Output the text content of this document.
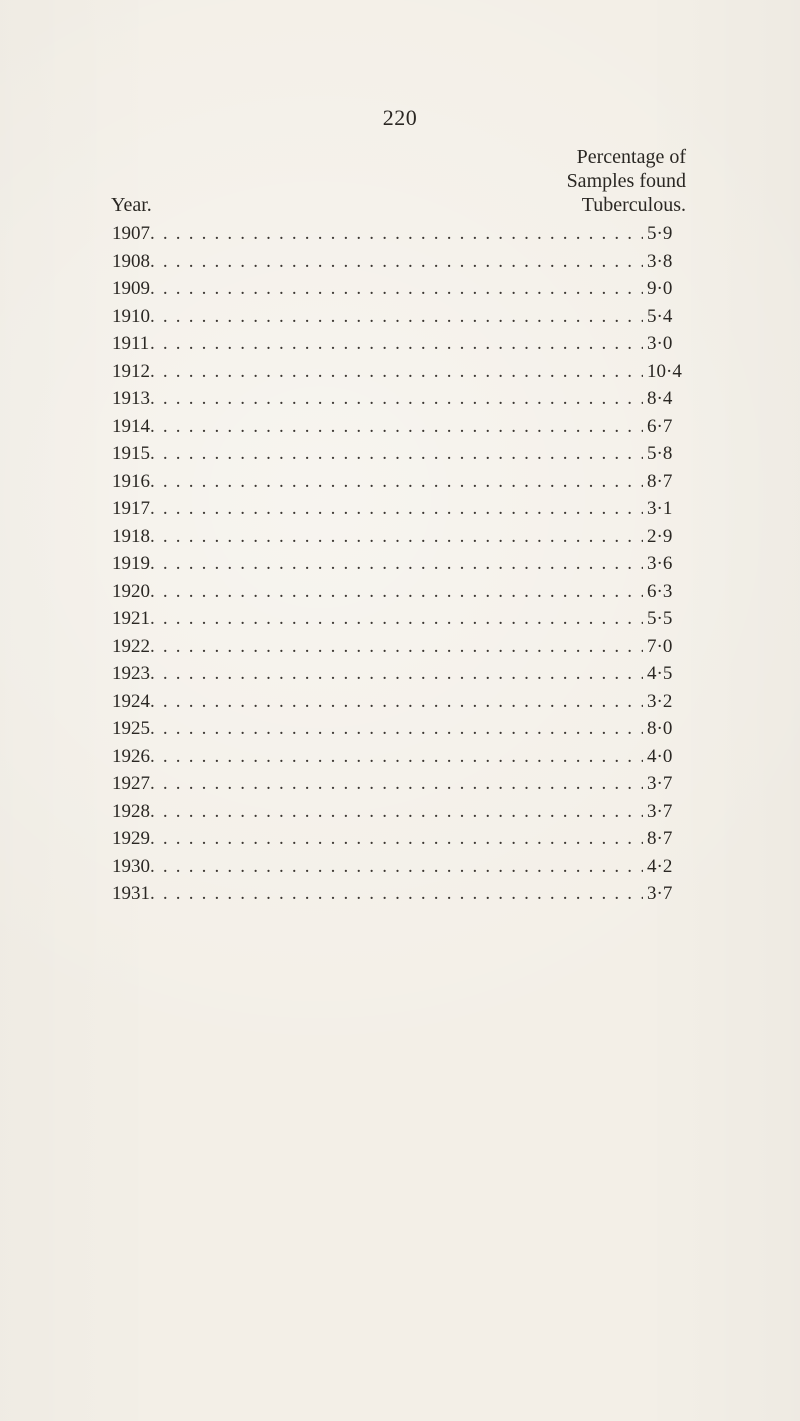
220
Percentage of
Samples found
Tuberculous.
Year.
1907 . . .	5·9
1908 . . .	3·8
1909 . . .	9·0
1910 . . .	5·4
1911 . . .	3·0
1912 . . .	10·4
1913 . . .	8·4
1914 . . .	6·7
1915 . . .	5·8
1916 . . .	8·7
1917 . . .	3·1
1918 . . .	2·9
1919 . . .	3·6
1920 . . .	6·3
1921 . . .	5·5
1922 . . .	7·0
1923 . . .	4·5
1924 . . .	3·2
1925 . . .	8·0
1926 . . .	4·0
1927 . . .	3·7
1928 . . .	3·7
1929 . . .	8·7
1930 . . .	4·2
1931 . . .	3·7
